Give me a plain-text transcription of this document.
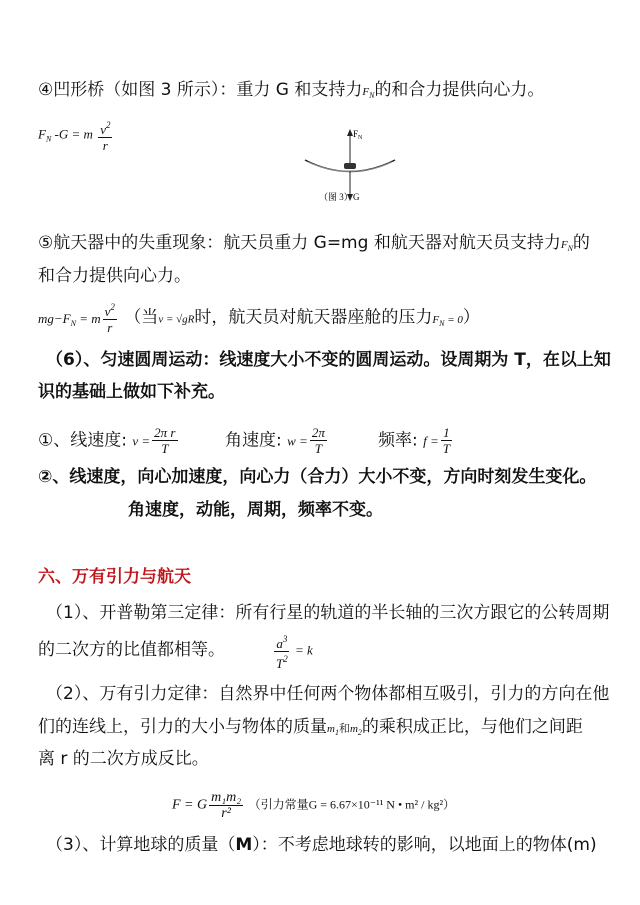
④凹形桥（如图 3 所示）：重力 G 和支持力$F_N$的和合力提供向心力。
$F_N$ -G = m $\frac{v^2}{r}$	$F_N$
（图 3） G
⑤航天器中的失重现象：航天员重力 G=mg 和航天器对航天员支持力$F_N$的
和合力提供向心力。
$mg-F_N = m \frac{v^2}{r}$ （当v = √gR时，航天员对航天器座舱的压力$F_N = 0$）
（6）、匀速圆周运动：线速度大小不变的圆周运动。设周期为 T，在以上知
识的基础上做如下补充。
①、线速度: $v = \frac{\text{2π r}}{T}$	角速度: $w = \frac{2\pi}{T}$	频率: $f = \frac{1}{T}$
②、线速度，向心加速度，向心力（合力）大小不变，方向时刻发生变化。
角速度，动能，周期，频率不变。
六、万有引力与航天
（1）、开普勒第三定律：所有行星的轨道的半长轴的三次方跟它的公转周期
的二次方的比值都相等。	$\frac{a^3}{T^2} = k$
（2）、万有引力定律：自然界中任何两个物体都相互吸引，引力的方向在他
们的连线上，引力的大小与物体的质量$m_1$和$m_2$的乘积成正比，与他们之间距
离 r 的二次方成反比。
F = G $\frac{\text{m₁m₂}}{\text{r²}}$ （引力常量G = 6.67×10⁻¹¹ N • m² / kg²）
（3）、计算地球的质量（M）：不考虑地球转的影响，以地面上的物体(m)
